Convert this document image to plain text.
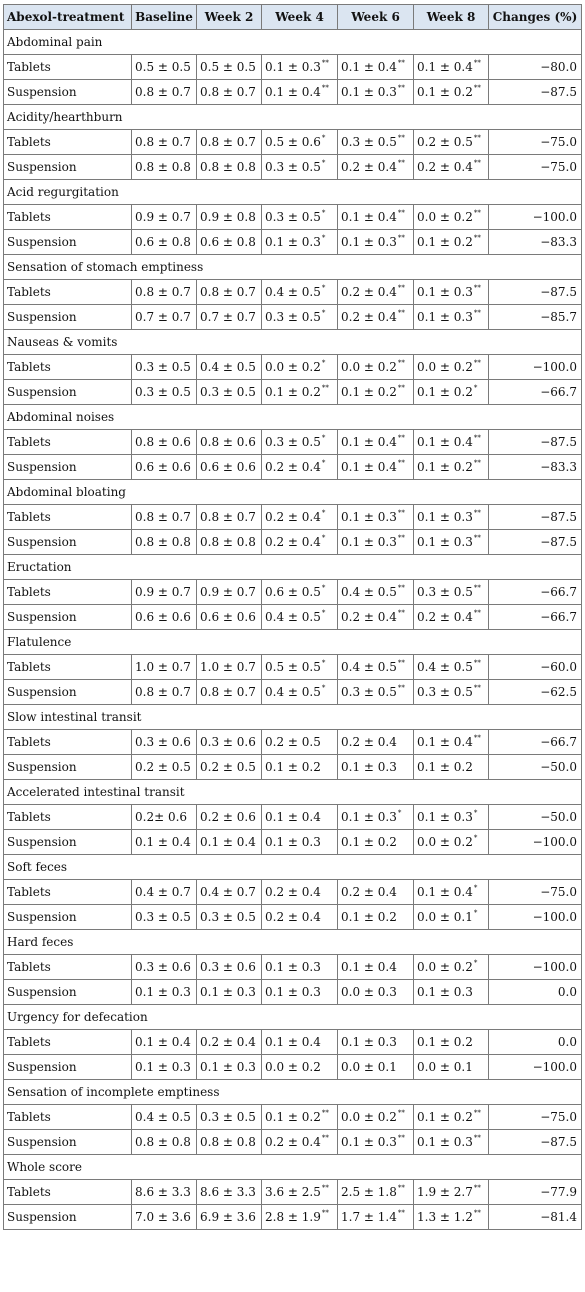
Abexol-treatment	Baseline	Week 2	Week 4	Week 6	Week 8	Changes (%)
Abdominal pain						
Tablets	0.5 ± 0.5	0.5 ± 0.5	0.1 ± 0.3**	0.1 ± 0.4**	0.1 ± 0.4**	−80.0
Suspension	0.8 ± 0.7	0.8 ± 0.7	0.1 ± 0.4**	0.1 ± 0.3**	0.1 ± 0.2**	−87.5
Acidity/hearthburn						
Tablets	0.8 ± 0.7	0.8 ± 0.7	0.5 ± 0.6*	0.3 ± 0.5**	0.2 ± 0.5**	−75.0
Suspension	0.8 ± 0.8	0.8 ± 0.8	0.3 ± 0.5*	0.2 ± 0.4**	0.2 ± 0.4**	−75.0
Acid regurgitation						
Tablets	0.9 ± 0.7	0.9 ± 0.8	0.3 ± 0.5*	0.1 ± 0.4**	0.0 ± 0.2**	−100.0
Suspension	0.6 ± 0.8	0.6 ± 0.8	0.1 ± 0.3*	0.1 ± 0.3**	0.1 ± 0.2**	−83.3
Sensation of stomach emptiness						
Tablets	0.8 ± 0.7	0.8 ± 0.7	0.4 ± 0.5*	0.2 ± 0.4**	0.1 ± 0.3**	−87.5
Suspension	0.7 ± 0.7	0.7 ± 0.7	0.3 ± 0.5*	0.2 ± 0.4**	0.1 ± 0.3**	−85.7
Nauseas & vomits						
Tablets	0.3 ± 0.5	0.4 ± 0.5	0.0 ± 0.2*	0.0 ± 0.2**	0.0 ± 0.2**	−100.0
Suspension	0.3 ± 0.5	0.3 ± 0.5	0.1 ± 0.2**	0.1 ± 0.2**	0.1 ± 0.2*	−66.7
Abdominal noises						
Tablets	0.8 ± 0.6	0.8 ± 0.6	0.3 ± 0.5*	0.1 ± 0.4**	0.1 ± 0.4**	−87.5
Suspension	0.6 ± 0.6	0.6 ± 0.6	0.2 ± 0.4*	0.1 ± 0.4**	0.1 ± 0.2**	−83.3
Abdominal bloating						
Tablets	0.8 ± 0.7	0.8 ± 0.7	0.2 ± 0.4*	0.1 ± 0.3**	0.1 ± 0.3**	−87.5
Suspension	0.8 ± 0.8	0.8 ± 0.8	0.2 ± 0.4*	0.1 ± 0.3**	0.1 ± 0.3**	−87.5
Eructation						
Tablets	0.9 ± 0.7	0.9 ± 0.7	0.6 ± 0.5*	0.4 ± 0.5**	0.3 ± 0.5**	−66.7
Suspension	0.6 ± 0.6	0.6 ± 0.6	0.4 ± 0.5*	0.2 ± 0.4**	0.2 ± 0.4**	−66.7
Flatulence						
Tablets	1.0 ± 0.7	1.0 ± 0.7	0.5 ± 0.5*	0.4 ± 0.5**	0.4 ± 0.5**	−60.0
Suspension	0.8 ± 0.7	0.8 ± 0.7	0.4 ± 0.5*	0.3 ± 0.5**	0.3 ± 0.5**	−62.5
Slow intestinal transit						
Tablets	0.3 ± 0.6	0.3 ± 0.6	0.2 ± 0.5	0.2 ± 0.4	0.1 ± 0.4**	−66.7
Suspension	0.2 ± 0.5	0.2 ± 0.5	0.1 ± 0.2	0.1 ± 0.3	0.1 ± 0.2	−50.0
Accelerated intestinal transit						
Tablets	0.2± 0.6	0.2 ± 0.6	0.1 ± 0.4	0.1 ± 0.3*	0.1 ± 0.3*	−50.0
Suspension	0.1 ± 0.4	0.1 ± 0.4	0.1 ± 0.3	0.1 ± 0.2	0.0 ± 0.2*	−100.0
Soft feces						
Tablets	0.4 ± 0.7	0.4 ± 0.7	0.2 ± 0.4	0.2 ± 0.4	0.1 ± 0.4*	−75.0
Suspension	0.3 ± 0.5	0.3 ± 0.5	0.2 ± 0.4	0.1 ± 0.2	0.0 ± 0.1*	−100.0
Hard feces						
Tablets	0.3 ± 0.6	0.3 ± 0.6	0.1 ± 0.3	0.1 ± 0.4	0.0 ± 0.2*	−100.0
Suspension	0.1 ± 0.3	0.1 ± 0.3	0.1 ± 0.3	0.0 ± 0.3	0.1 ± 0.3	0.0
Urgency for defecation						
Tablets	0.1 ± 0.4	0.2 ± 0.4	0.1 ± 0.4	0.1 ± 0.3	0.1 ± 0.2	0.0
Suspension	0.1 ± 0.3	0.1 ± 0.3	0.0 ± 0.2	0.0 ± 0.1	0.0 ± 0.1	−100.0
Sensation of incomplete emptiness						
Tablets	0.4 ± 0.5	0.3 ± 0.5	0.1 ± 0.2**	0.0 ± 0.2**	0.1 ± 0.2**	−75.0
Suspension	0.8 ± 0.8	0.8 ± 0.8	0.2 ± 0.4**	0.1 ± 0.3**	0.1 ± 0.3**	−87.5
Whole score						
Tablets	8.6 ± 3.3	8.6 ± 3.3	3.6 ± 2.5**	2.5 ± 1.8**	1.9 ± 2.7**	−77.9
Suspension	7.0 ± 3.6	6.9 ± 3.6	2.8 ± 1.9**	1.7 ± 1.4**	1.3 ± 1.2**	−81.4
